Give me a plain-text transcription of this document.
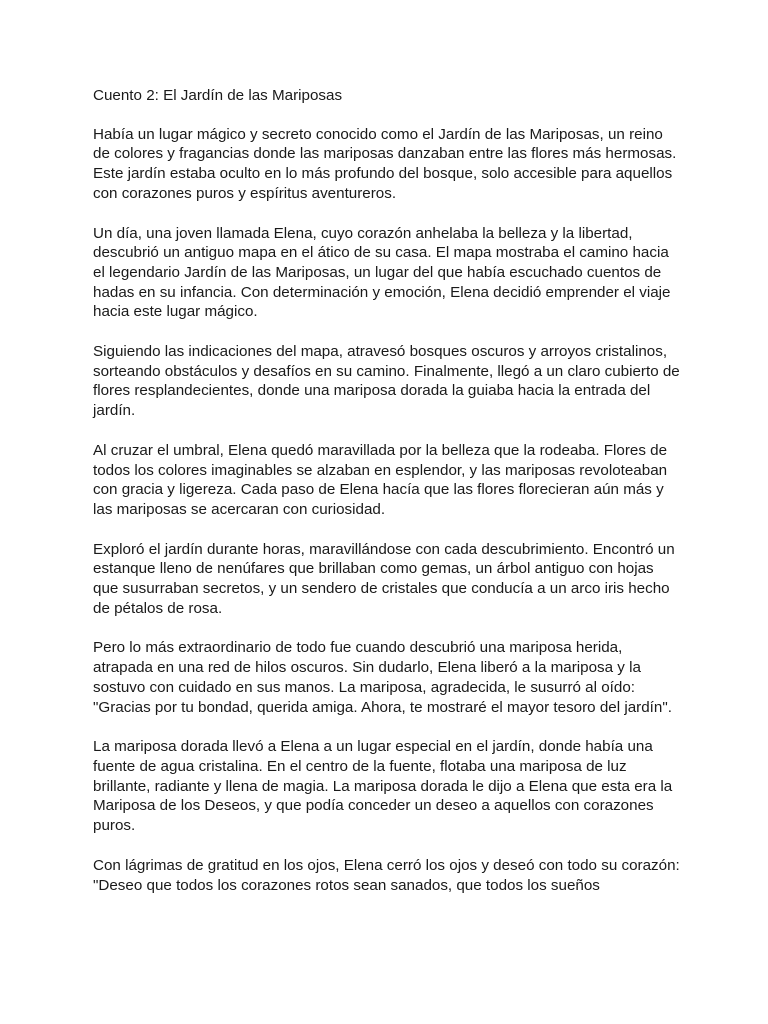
Cuento 2: El Jardín de las Mariposas

Había un lugar mágico y secreto conocido como el Jardín de las Mariposas, un reino de colores y fragancias donde las mariposas danzaban entre las flores más hermosas. Este jardín estaba oculto en lo más profundo del bosque, solo accesible para aquellos con corazones puros y espíritus aventureros.

Un día, una joven llamada Elena, cuyo corazón anhelaba la belleza y la libertad, descubrió un antiguo mapa en el ático de su casa. El mapa mostraba el camino hacia el legendario Jardín de las Mariposas, un lugar del que había escuchado cuentos de hadas en su infancia. Con determinación y emoción, Elena decidió emprender el viaje hacia este lugar mágico.

Siguiendo las indicaciones del mapa, atravesó bosques oscuros y arroyos cristalinos, sorteando obstáculos y desafíos en su camino. Finalmente, llegó a un claro cubierto de flores resplandecientes, donde una mariposa dorada la guiaba hacia la entrada del jardín.

Al cruzar el umbral, Elena quedó maravillada por la belleza que la rodeaba. Flores de todos los colores imaginables se alzaban en esplendor, y las mariposas revoloteaban con gracia y ligereza. Cada paso de Elena hacía que las flores florecieran aún más y las mariposas se acercaran con curiosidad.

Exploró el jardín durante horas, maravillándose con cada descubrimiento. Encontró un estanque lleno de nenúfares que brillaban como gemas, un árbol antiguo con hojas que susurraban secretos, y un sendero de cristales que conducía a un arco iris hecho de pétalos de rosa.

Pero lo más extraordinario de todo fue cuando descubrió una mariposa herida, atrapada en una red de hilos oscuros. Sin dudarlo, Elena liberó a la mariposa y la sostuvo con cuidado en sus manos. La mariposa, agradecida, le susurró al oído: "Gracias por tu bondad, querida amiga. Ahora, te mostraré el mayor tesoro del jardín".

La mariposa dorada llevó a Elena a un lugar especial en el jardín, donde había una fuente de agua cristalina. En el centro de la fuente, flotaba una mariposa de luz brillante, radiante y llena de magia. La mariposa dorada le dijo a Elena que esta era la Mariposa de los Deseos, y que podía conceder un deseo a aquellos con corazones puros.

Con lágrimas de gratitud en los ojos, Elena cerró los ojos y deseó con todo su corazón: "Deseo que todos los corazones rotos sean sanados, que todos los sueños
